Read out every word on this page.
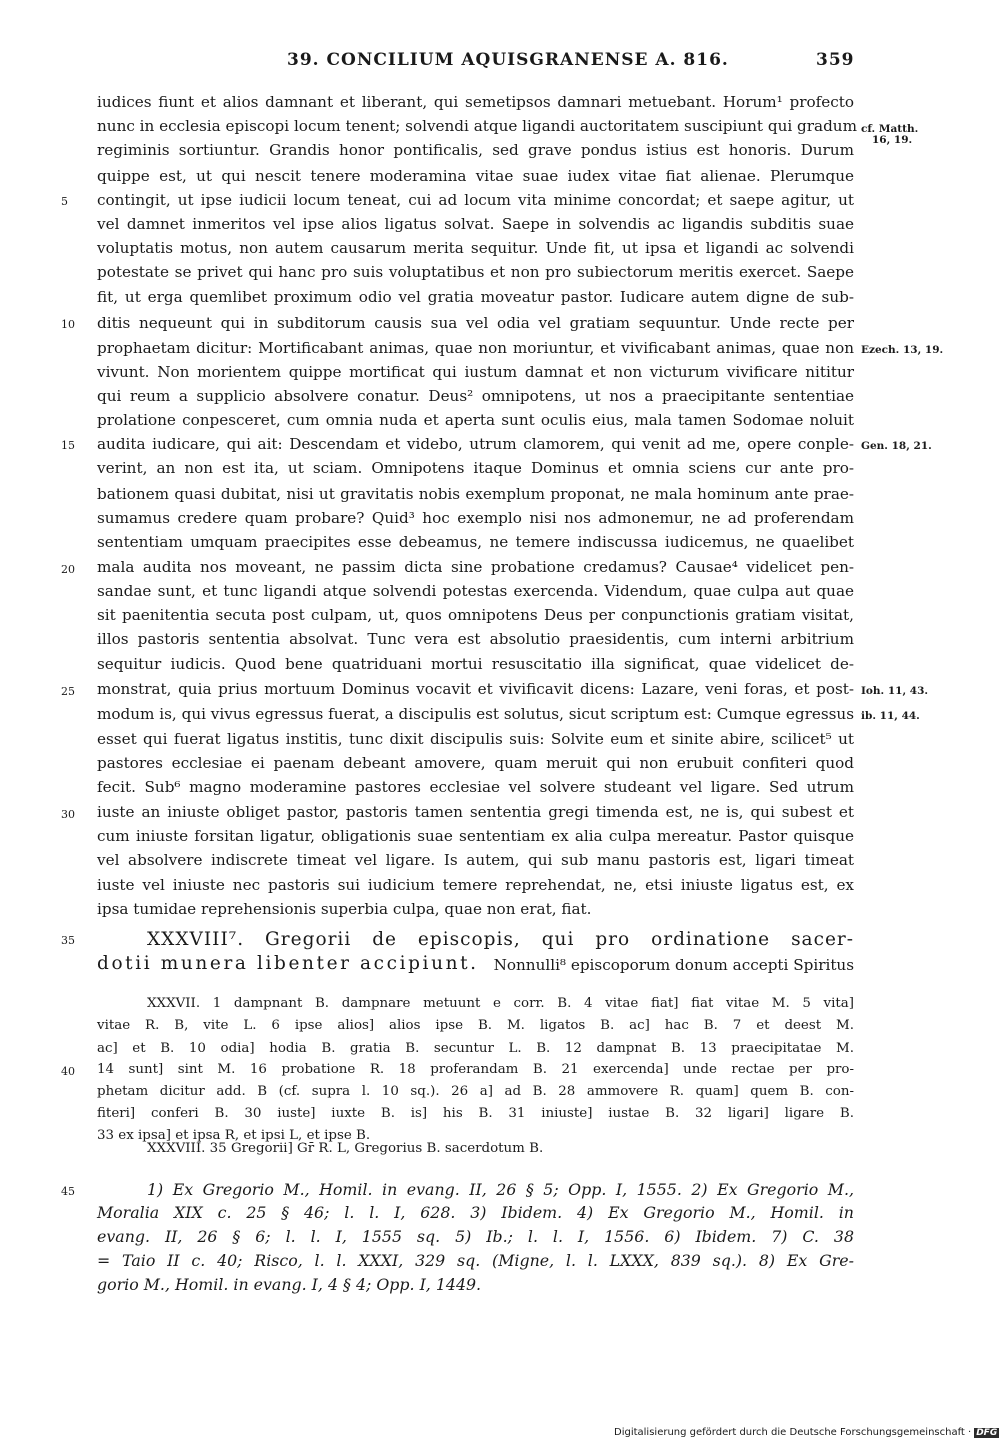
39. CONCILIUM AQUISGRANENSE A. 816.	359
iudices fiunt et alios damnant et liberant, qui semetipsos damnari metuebant. Horum¹ profecto
nunc in ecclesia episcopi locum tenent; solvendi atque ligandi auctoritatem suscipiunt qui gradum
regiminis sortiuntur. Grandis honor pontificalis, sed grave pondus istius est honoris. Durum
quippe est, ut qui nescit tenere moderamina vitae suae iudex vitae fiat alienae. Plerumque
contingit, ut ipse iudicii locum teneat, cui ad locum vita minime concordat; et saepe agitur, ut
vel damnet inmeritos vel ipse alios ligatus solvat. Saepe in solvendis ac ligandis subditis suae
voluptatis motus, non autem causarum merita sequitur. Unde fit, ut ipsa et ligandi ac solvendi
potestate se privet qui hanc pro suis voluptatibus et non pro subiectorum meritis exercet. Saepe
fit, ut erga quemlibet proximum odio vel gratia moveatur pastor. Iudicare autem digne de sub-
ditis nequeunt qui in subditorum causis sua vel odia vel gratiam sequuntur. Unde recte per
prophaetam dicitur: Mortificabant animas, quae non moriuntur, et vivificabant animas, quae non
vivunt. Non morientem quippe mortificat qui iustum damnat et non victurum vivificare nititur
qui reum a supplicio absolvere conatur. Deus² omnipotens, ut nos a praecipitante sententiae
prolatione conpesceret, cum omnia nuda et aperta sunt oculis eius, mala tamen Sodomae noluit
audita iudicare, qui ait: Descendam et videbo, utrum clamorem, qui venit ad me, opere conple-
verint, an non est ita, ut sciam. Omnipotens itaque Dominus et omnia sciens cur ante pro-
bationem quasi dubitat, nisi ut gravitatis nobis exemplum proponat, ne mala hominum ante prae-
sumamus credere quam probare? Quid³ hoc exemplo nisi nos admonemur, ne ad proferendam
sententiam umquam praecipites esse debeamus, ne temere indiscussa iudicemus, ne quaelibet
mala audita nos moveant, ne passim dicta sine probatione credamus? Causae⁴ videlicet pen-
sandae sunt, et tunc ligandi atque solvendi potestas exercenda. Videndum, quae culpa aut quae
sit paenitentia secuta post culpam, ut, quos omnipotens Deus per conpunctionis gratiam visitat,
illos pastoris sententia absolvat. Tunc vera est absolutio praesidentis, cum interni arbitrium
sequitur iudicis. Quod bene quatriduani mortui resuscitatio illa significat, quae videlicet de-
monstrat, quia prius mortuum Dominus vocavit et vivificavit dicens: Lazare, veni foras, et post-
modum is, qui vivus egressus fuerat, a discipulis est solutus, sicut scriptum est: Cumque egressus
esset qui fuerat ligatus institis, tunc dixit discipulis suis: Solvite eum et sinite abire, scilicet⁵ ut
pastores ecclesiae ei paenam debeant amovere, quam meruit qui non erubuit confiteri quod
fecit. Sub⁶ magno moderamine pastores ecclesiae vel solvere studeant vel ligare. Sed utrum
iuste an iniuste obliget pastor, pastoris tamen sententia gregi timenda est, ne is, qui subest et
cum iniuste forsitan ligatur, obligationis suae sententiam ex alia culpa mereatur. Pastor quisque
vel absolvere indiscrete timeat vel ligare. Is autem, qui sub manu pastoris est, ligari timeat
iuste vel iniuste nec pastoris sui iudicium temere reprehendat, ne, etsi iniuste ligatus est, ex
ipsa tumidae reprehensionis superbia culpa, quae non erat, fiat.
XXXVIII⁷. Gregorii de episcopis, qui pro ordinatione sacer-
dotii munera libenter accipiunt. Nonnulli⁸ episcoporum donum accepti Spiritus
5
10
15
20
25
30
35
40
45
cf. Matth.
16, 19.
Ezech. 13, 19.
Gen. 18, 21.
Ioh. 11, 43.
ib. 11, 44.
XXXVII. 1 dampnant B. dampnare metuunt e corr. B. 4 vitae fiat] fiat vitae M. 5 vita]
vitae R. B, vite L. 6 ipse alios] alios ipse B. M. ligatos B. ac] hac B. 7 et deest M.
ac] et B. 10 odia] hodia B. gratia B. secuntur L. B. 12 dampnat B. 13 praecipitatae M.
14 sunt] sint M. 16 probatione R. 18 proferandam B. 21 exercenda] unde rectae per pro-
phetam dicitur add. B (cf. supra l. 10 sq.). 26 a] ad B. 28 ammovere R. quam] quem B. con-
fiteri] conferi B. 30 iuste] iuxte B. is] his B. 31 iniuste] iustae B. 32 ligari] ligare B.
33 ex ipsa] et ipsa R, et ipsi L, et ipse B.
XXXVIII. 35 Gregorii] Gr̄ R. L, Gregorius B. sacerdotum B.
1) Ex Gregorio M., Homil. in evang. II, 26 § 5; Opp. I, 1555. 2) Ex Gregorio M.,
Moralia XIX c. 25 § 46; l. l. I, 628. 3) Ibidem. 4) Ex Gregorio M., Homil. in
evang. II, 26 § 6; l. l. I, 1555 sq. 5) Ib.; l. l. I, 1556. 6) Ibidem. 7) C. 38
= Taio II c. 40; Risco, l. l. XXXI, 329 sq. (Migne, l. l. LXXX, 839 sq.). 8) Ex Gre-
gorio M., Homil. in evang. I, 4 § 4; Opp. I, 1449.
Digitalisierung gefördert durch die Deutsche Forschungsgemeinschaft · DFG
